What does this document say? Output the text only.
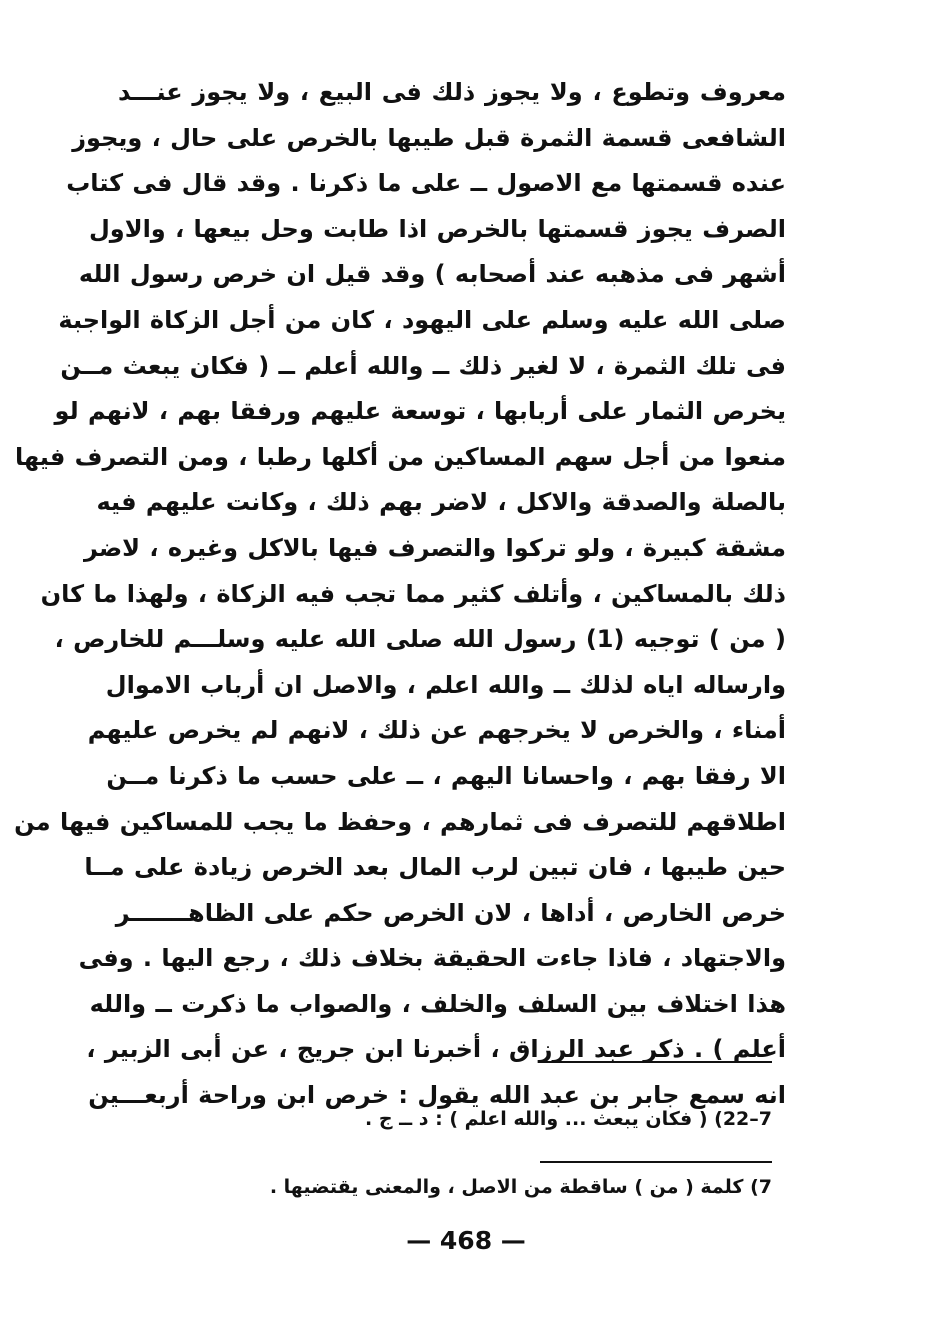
معروف وتطوع ، ولا يجوز ذلك فى البيع ، ولا يجوز عنـــد
الشافعى قسمة الثمرة قبل طيبها بالخرص على حال ، ويجوز
عنده قسمتها مع الاصول ــ على ما ذكرنا . وقد قال فى كتاب
الصرف يجوز قسمتها بالخرص اذا طابت وحل بيعها ، والاول
أشهر فى مذهبه عند أصحابه ) وقد قيل ان خرص رسول الله
صلى الله عليه وسلم على اليهود ، كان من أجل الزكاة الواجبة
فى تلك الثمرة ، لا لغير ذلك ــ والله أعلم ــ ( فكان يبعث مــن
يخرص الثمار على أربابها ، توسعة عليهم ورفقا بهم ، لانهم لو
منعوا من أجل سهم المساكين من أكلها رطبا ، ومن التصرف فيها
بالصلة والصدقة والاكل ، لاضر بهم ذلك ، وكانت عليهم فيه
مشقة كبيرة ، ولو تركوا والتصرف فيها بالاكل وغيره ، لاضر
ذلك بالمساكين ، وأتلف كثير مما تجب فيه الزكاة ، ولهذا ما كان
( من ) توجيه (1) رسول الله صلى الله عليه وسلـــم للخارص ،
وارساله اياه لذلك ــ والله اعلم ، والاصل ان أرباب الاموال
أمناء ، والخرص لا يخرجهم عن ذلك ، لانهم لم يخرص عليهم
الا رفقا بهم ، واحسانا اليهم ، ــ على حسب ما ذكرنا مــن
اطلاقهم للتصرف فى ثمارهم ، وحفظ ما يجب للمساكين فيها من
حين طيبها ، فان تبين لرب المال بعد الخرص زيادة على مــا
خرص الخارص ، أداها ، لان الخرص حكم على الظاهـــــــر
والاجتهاد ، فاذا جاءت الحقيقة بخلاف ذلك ، رجع اليها . وفى
هذا اختلاف بين السلف والخلف ، والصواب ما ذكرت ــ والله
أعلم ) . ذكر عبد الرزاق ، أخبرنا ابن جريج ، عن أبى الزبير ،
انه سمع جابر بن عبد الله يقول : خرص ابن وراحة أربعـــين
7–22) ( فكان يبعث ... والله اعلم ) : د ــ ج .
7) كلمة ( من ) ساقطة من الاصل ، والمعنى يقتضيها .
— 468 —
